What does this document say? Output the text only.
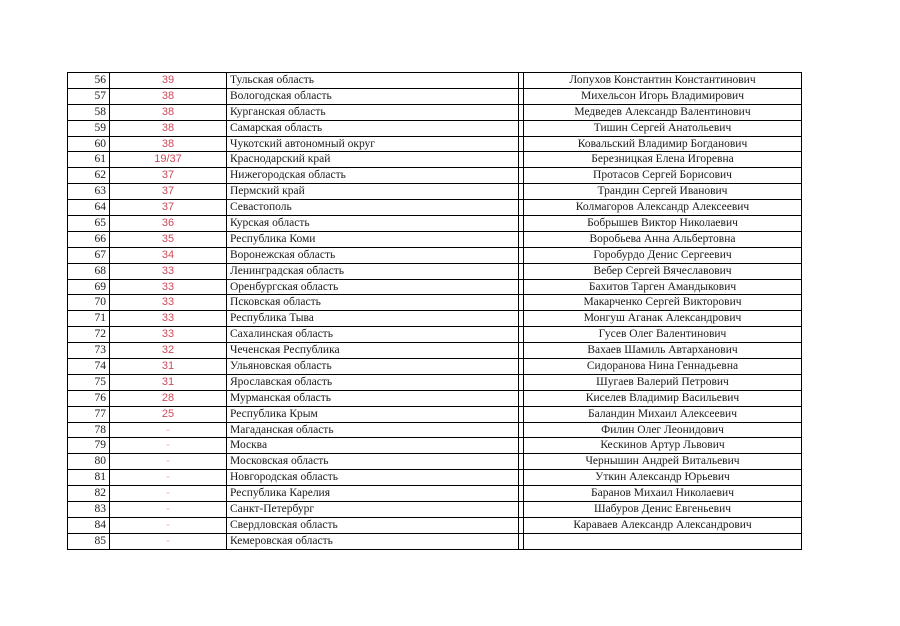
56	39	Тульская область		Лопухов Константин Константинович
57	38	Вологодская область		Михельсон Игорь Владимирович
58	38	Курганская область		Медведев Александр Валентинович
59	38	Самарская область		Тишин Сергей Анатольевич
60	38	Чукотский автономный округ		Ковальский Владимир Богданович
61	19/37	Краснодарский край		Березницкая Елена Игоревна
62	37	Нижегородская область		Протасов Сергей Борисович
63	37	Пермский край		Трандин Сергей Иванович
64	37	Севастополь		Колмагоров Александр Алексеевич
65	36	Курская область		Бобрышев Виктор Николаевич
66	35	Республика Коми		Воробьева Анна Альбертовна
67	34	Воронежская область		Горобурдо Денис Сергеевич
68	33	Ленинградская область		Вебер Сергей Вячеславович
69	33	Оренбургская область		Бахитов Тарген Амандыкович
70	33	Псковская область		Макарченко Сергей Викторович
71	33	Республика Тыва		Монгуш Аганак Александрович
72	33	Сахалинская область		Гусев Олег Валентинович
73	32	Чеченская Республика		Вахаев Шамиль Автарханович
74	31	Ульяновская область		Сидоранова Нина Геннадьевна
75	31	Ярославская область		Шугаев Валерий Петрович
76	28	Мурманская область		Киселев Владимир Васильевич
77	25	Республика Крым		Баландин Михаил Алексеевич
78	-	Магаданская область		Филин Олег Леонидович
79	-	Москва		Кескинов Артур Львович
80	-	Московская область		Чернышин Андрей Витальевич
81	-	Новгородская область		Уткин Александр Юрьевич
82	-	Республика Карелия		Баранов Михаил Николаевич
83	-	Санкт-Петербург		Шабуров Денис Евгеньевич
84	-	Свердловская область		Караваев Александр Александрович
85	-	Кемеровская область		
